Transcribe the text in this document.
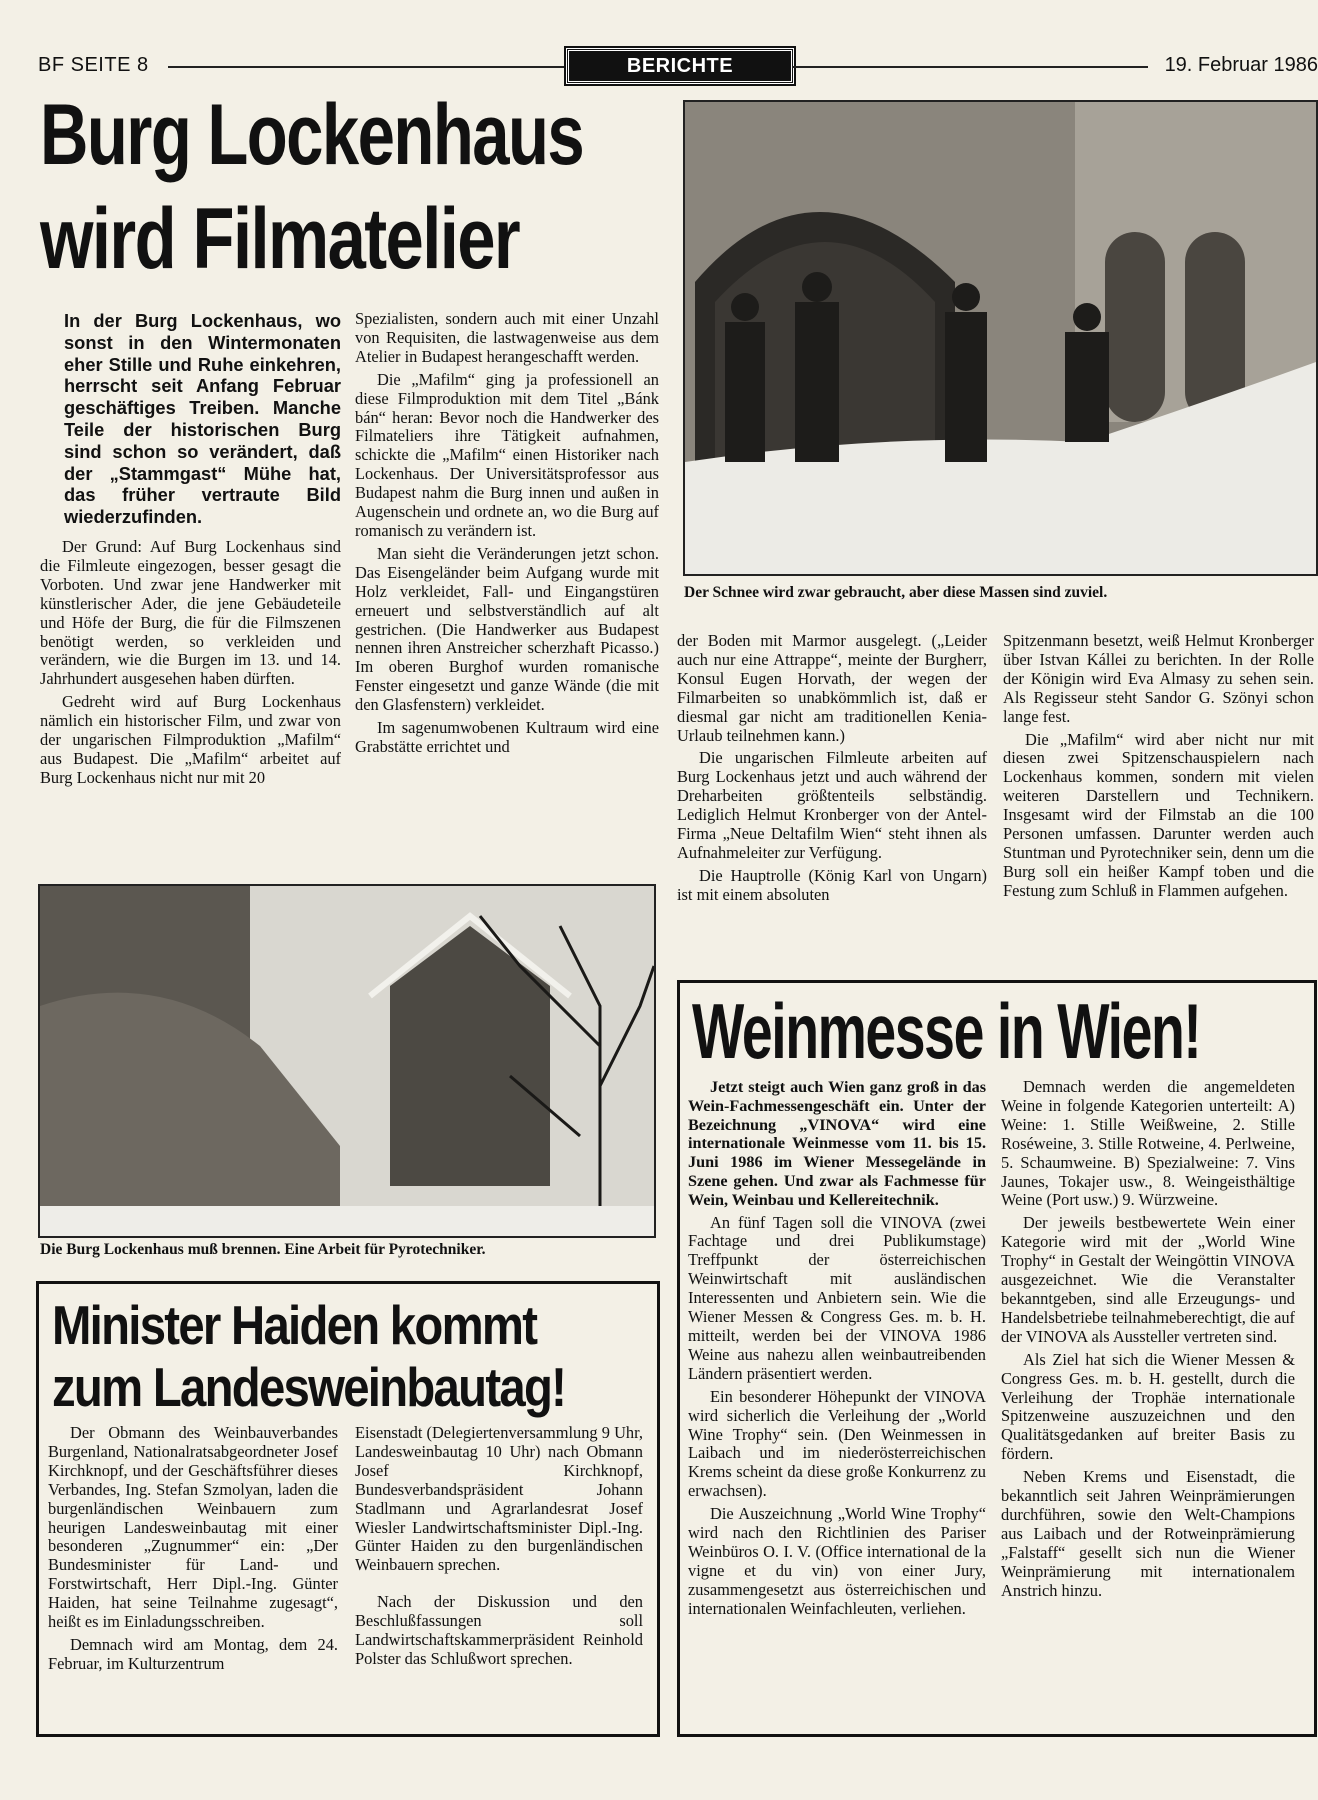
BF SEITE 8	BERICHTE	19. Februar 1986
Burg Lockenhaus
wird Filmatelier
Der Schnee wird zwar gebraucht, aber diese Massen sind zuviel.

In der Burg Lockenhaus, wo sonst in den Wintermonaten eher Stille und Ruhe einkehren, herrscht seit Anfang Februar geschäftiges Treiben. Manche Teile der historischen Burg sind schon so verändert, daß der „Stammgast“ Mühe hat, das früher vertraute Bild wiederzufinden.

Der Grund: Auf Burg Lockenhaus sind die Filmleute eingezogen, besser gesagt die Vorboten. Und zwar jene Handwerker mit künstlerischer Ader, die jene Gebäudeteile und Höfe der Burg, die für die Filmszenen benötigt werden, so verkleiden und verändern, wie die Burgen im 13. und 14. Jahrhundert ausgesehen haben dürften.

Gedreht wird auf Burg Lockenhaus nämlich ein historischer Film, und zwar von der ungarischen Filmproduktion „Mafilm“ aus Budapest. Die „Mafilm“ arbeitet auf Burg Lockenhaus nicht nur mit 20

Spezialisten, sondern auch mit einer Unzahl von Requisiten, die lastwagenweise aus dem Atelier in Budapest herangeschafft werden.

Die „Mafilm“ ging ja professionell an diese Filmproduktion mit dem Titel „Bánk bán“ heran: Bevor noch die Handwerker des Filmateliers ihre Tätigkeit aufnahmen, schickte die „Mafilm“ einen Historiker nach Lockenhaus. Der Universitätsprofessor aus Budapest nahm die Burg innen und außen in Augenschein und ordnete an, wo die Burg auf romanisch zu verändern ist.

Man sieht die Veränderungen jetzt schon. Das Eisengeländer beim Aufgang wurde mit Holz verkleidet, Fall- und Eingangstüren erneuert und selbstverständlich auf alt gestrichen. (Die Handwerker aus Budapest nennen ihren Anstreicher scherzhaft Picasso.) Im oberen Burghof wurden romanische Fenster eingesetzt und ganze Wände (die mit den Glasfenstern) verkleidet.

Im sagenumwobenen Kultraum wird eine Grabstätte errichtet und

der Boden mit Marmor ausgelegt. („Leider auch nur eine Attrappe“, meinte der Burgherr, Konsul Eugen Horvath, der wegen der Filmarbeiten so unabkömmlich ist, daß er diesmal gar nicht am traditionellen Kenia-Urlaub teilnehmen kann.)

Die ungarischen Filmleute arbeiten auf Burg Lockenhaus jetzt und auch während der Dreharbeiten größtenteils selbständig. Lediglich Helmut Kronberger von der Antel-Firma „Neue Deltafilm Wien“ steht ihnen als Aufnahmeleiter zur Verfügung.

Die Hauptrolle (König Karl von Ungarn) ist mit einem absoluten

Spitzenmann besetzt, weiß Helmut Kronberger über Istvan Kállei zu berichten. In der Rolle der Königin wird Eva Almasy zu sehen sein. Als Regisseur steht Sandor G. Szönyi schon lange fest.

Die „Mafilm“ wird aber nicht nur mit diesen zwei Spitzenschauspielern nach Lockenhaus kommen, sondern mit vielen weiteren Darstellern und Technikern. Insgesamt wird der Filmstab an die 100 Personen umfassen. Darunter werden auch Stuntman und Pyrotechniker sein, denn um die Burg soll ein heißer Kampf toben und die Festung zum Schluß in Flammen aufgehen.

Die Burg Lockenhaus muß brennen. Eine Arbeit für Pyrotechniker.
Minister Haiden kommt
zum Landesweinbautag!

Der Obmann des Weinbauverbandes Burgenland, Nationalratsabgeordneter Josef Kirchknopf, und der Geschäftsführer dieses Verbandes, Ing. Stefan Szmolyan, laden die burgenländischen Weinbauern zum heurigen Landesweinbautag mit einer besonderen „Zugnummer“ ein: „Der Bundesminister für Land- und Forstwirtschaft, Herr Dipl.-Ing. Günter Haiden, hat seine Teilnahme zugesagt“, heißt es im Einladungsschreiben.

Demnach wird am Montag, dem 24. Februar, im Kulturzentrum

Eisenstadt (Delegiertenversammlung 9 Uhr, Landesweinbautag 10 Uhr) nach Obmann Josef Kirchknopf, Bundesverbandspräsident Johann Stadlmann und Agrarlandesrat Josef Wiesler Landwirtschaftsminister Dipl.-Ing. Günter Haiden zu den burgenländischen Weinbauern sprechen.

Nach der Diskussion und den Beschlußfassungen soll Landwirtschaftskammerpräsident Reinhold Polster das Schlußwort sprechen.

Weinmesse in Wien!

Jetzt steigt auch Wien ganz groß in das Wein-Fachmessengeschäft ein. Unter der Bezeichnung „VINOVA“ wird eine internationale Weinmesse vom 11. bis 15. Juni 1986 im Wiener Messegelände in Szene gehen. Und zwar als Fachmesse für Wein, Weinbau und Kellereitechnik.

An fünf Tagen soll die VINOVA (zwei Fachtage und drei Publikumstage) Treffpunkt der österreichischen Weinwirtschaft mit ausländischen Interessenten und Anbietern sein. Wie die Wiener Messen & Congress Ges. m. b. H. mitteilt, werden bei der VINOVA 1986 Weine aus nahezu allen weinbautreibenden Ländern präsentiert werden.

Ein besonderer Höhepunkt der VINOVA wird sicherlich die Verleihung der „World Wine Trophy“ sein. (Den Weinmessen in Laibach und im niederösterreichischen Krems scheint da diese große Konkurrenz zu erwachsen).

Die Auszeichnung „World Wine Trophy“ wird nach den Richtlinien des Pariser Weinbüros O. I. V. (Office international de la vigne et du vin) von einer Jury, zusammengesetzt aus österreichischen und internationalen Weinfachleuten, verliehen.

Demnach werden die angemeldeten Weine in folgende Kategorien unterteilt: A) Weine: 1. Stille Weißweine, 2. Stille Roséweine, 3. Stille Rotweine, 4. Perlweine, 5. Schaumweine. B) Spezialweine: 7. Vins Jaunes, Tokajer usw., 8. Weingeisthältige Weine (Port usw.) 9. Würzweine.

Der jeweils bestbewertete Wein einer Kategorie wird mit der „World Wine Trophy“ in Gestalt der Weingöttin VINOVA ausgezeichnet. Wie die Veranstalter bekanntgeben, sind alle Erzeugungs- und Handelsbetriebe teilnahmeberechtigt, die auf der VINOVA als Aussteller vertreten sind.

Als Ziel hat sich die Wiener Messen & Congress Ges. m. b. H. gestellt, durch die Verleihung der Trophäe internationale Spitzenweine auszuzeichnen und den Qualitätsgedanken auf breiter Basis zu fördern.

Neben Krems und Eisenstadt, die bekanntlich seit Jahren Weinprämierungen durchführen, sowie den Welt-Champions aus Laibach und der Rotweinprämierung „Falstaff“ gesellt sich nun die Wiener Weinprämierung mit internationalem Anstrich hinzu.
